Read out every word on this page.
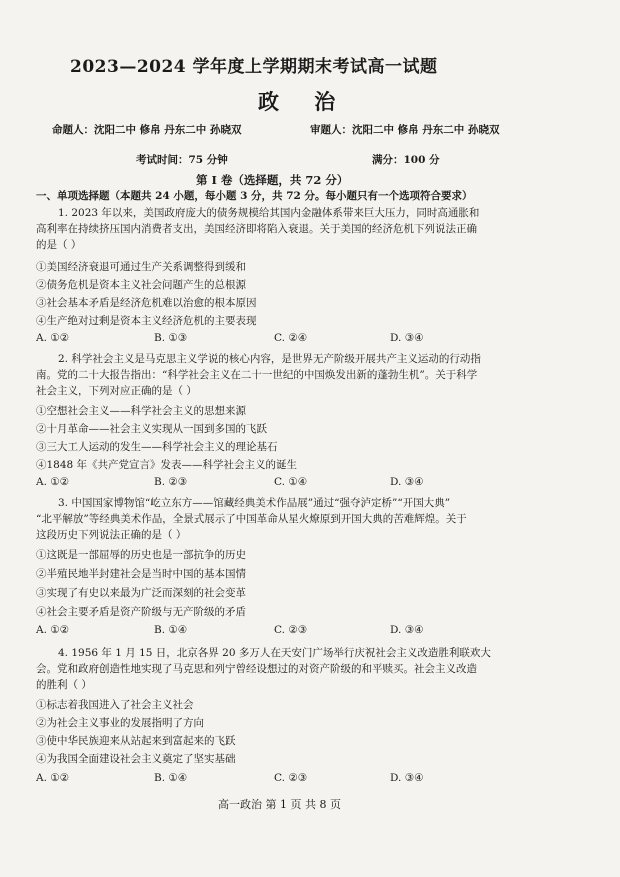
2023—2024 学年度上学期期末考试高一试题
政 治
命题人：沈阳二中 修帛 丹东二中 孙晓双	审题人：沈阳二中 修帛 丹东二中 孙晓双
考试时间：75 分钟	满分：100 分
第 Ⅰ 卷（选择题，共 72 分）
一、单项选择题（本题共 24 小题，每小题 3 分，共 72 分。每小题只有一个选项符合要求）
1. 2023 年以来，美国政府庞大的债务规模给其国内金融体系带来巨大压力，同时高通胀和
高利率在持续挤压国内消费者支出，美国经济即将陷入衰退。关于美国的经济危机下列说法正确
的是（ ）
①美国经济衰退可通过生产关系调整得到缓和
②债务危机是资本主义社会问题产生的总根源
③社会基本矛盾是经济危机难以治愈的根本原因
④生产绝对过剩是资本主义经济危机的主要表现
A. ①②	B. ①③	C. ②④	D. ③④
2. 科学社会主义是马克思主义学说的核心内容，是世界无产阶级开展共产主义运动的行动指
南。党的二十大报告指出：“科学社会主义在二十一世纪的中国焕发出新的蓬勃生机”。关于科学
社会主义，下列对应正确的是（ ）
①空想社会主义——科学社会主义的思想来源
②十月革命——社会主义实现从一国到多国的飞跃
③三大工人运动的发生——科学社会主义的理论基石
④1848 年《共产党宣言》发表——科学社会主义的诞生
A. ①②	B. ②③	C. ①④	D. ③④
3. 中国国家博物馆“屹立东方——馆藏经典美术作品展”通过“强夺泸定桥”“开国大典”
“北平解放”等经典美术作品，全景式展示了中国革命从星火燎原到开国大典的苦难辉煌。关于
这段历史下列说法正确的是（ ）
①这既是一部屈辱的历史也是一部抗争的历史
②半殖民地半封建社会是当时中国的基本国情
③实现了有史以来最为广泛而深刻的社会变革
④社会主要矛盾是资产阶级与无产阶级的矛盾
A. ①②	B. ①④	C. ②③	D. ③④
4. 1956 年 1 月 15 日，北京各界 20 多万人在天安门广场举行庆祝社会主义改造胜利联欢大
会。党和政府创造性地实现了马克思和列宁曾经设想过的对资产阶级的和平赎买。社会主义改造
的胜利（ ）
①标志着我国进入了社会主义社会
②为社会主义事业的发展指明了方向
③使中华民族迎来从站起来到富起来的飞跃
④为我国全面建设社会主义奠定了坚实基础
A. ①②	B. ①④	C. ②③	D. ③④
高一政治 第 1 页 共 8 页
